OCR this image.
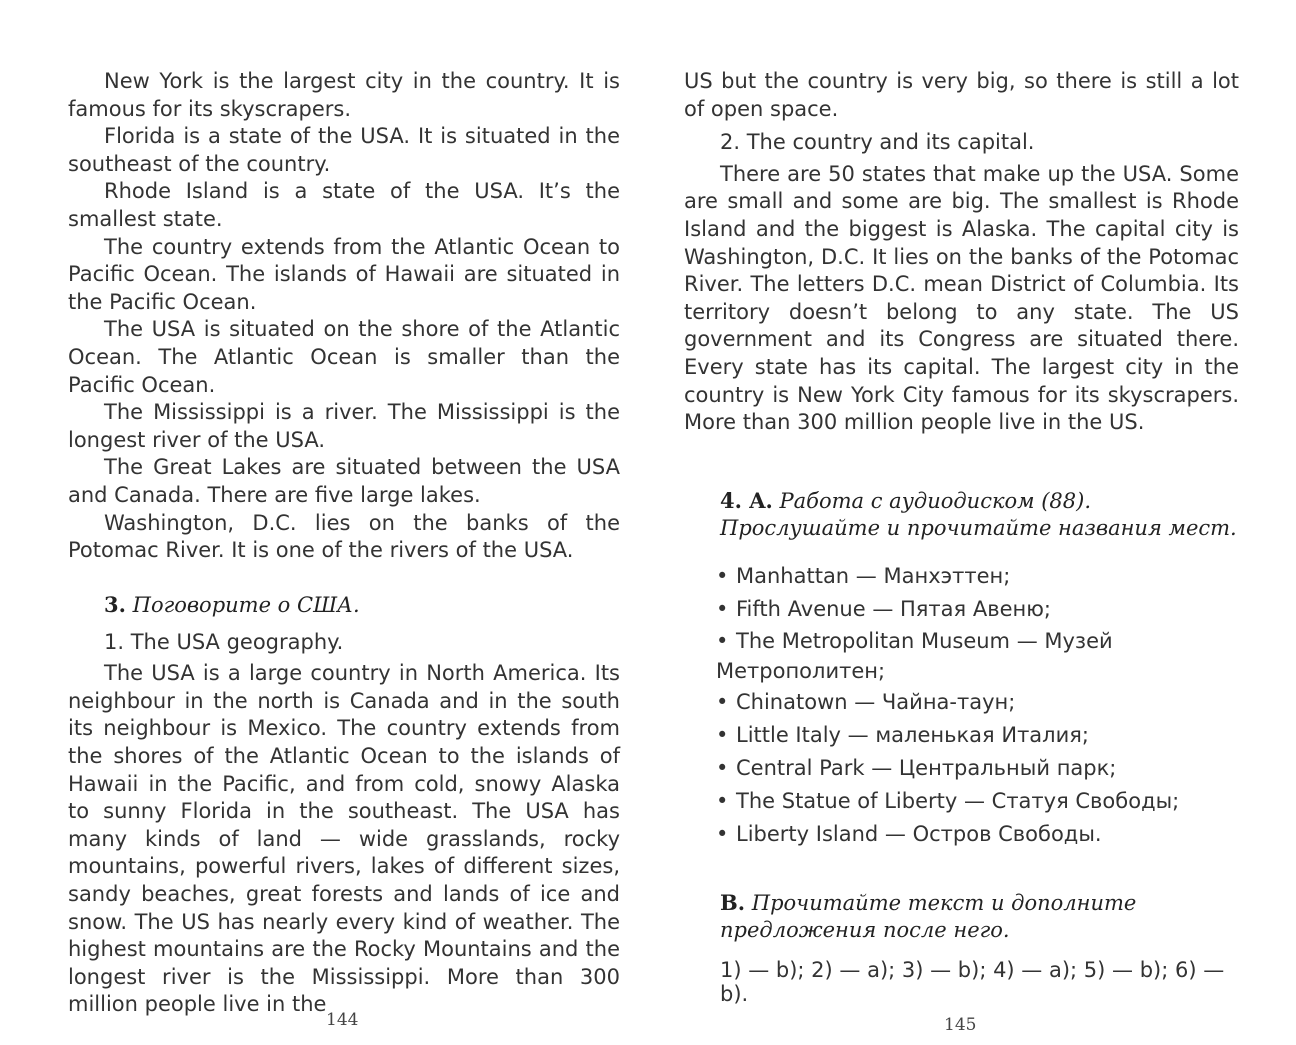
New York is the largest city in the country. It is famous for its skyscrapers.

Florida is a state of the USA. It is situated in the southeast of the country.

Rhode Island is a state of the USA. It’s the smallest state.

The country extends from the Atlantic Ocean to Pacific Ocean. The islands of Hawaii are situated in the Pacific Ocean.

The USA is situated on the shore of the Atlantic Ocean. The Atlantic Ocean is smaller than the Pacific Ocean.

The Mississippi is a river. The Mississippi is the longest river of the USA.

The Great Lakes are situated between the USA and Canada. There are five large lakes.

Washington, D.C. lies on the banks of the Potomac River. It is one of the rivers of the USA.

3. Поговорите о США.

1. The USA geography.

The USA is a large country in North America. Its neighbour in the north is Canada and in the south its neighbour is Mexico. The country extends from the shores of the Atlantic Ocean to the islands of Hawaii in the Pacific, and from cold, snowy Alaska to sunny Florida in the southeast. The USA has many kinds of land — wide grasslands, rocky mountains, powerful rivers, lakes of different sizes, sandy beaches, great forests and lands of ice and snow. The US has nearly every kind of weather. The highest mountains are the Rocky Mountains and the longest river is the Mississippi. More than 300 million people live in the

US but the country is very big, so there is still a lot of open space.

2. The country and its capital.

There are 50 states that make up the USA. Some are small and some are big. The smallest is Rhode Island and the biggest is Alaska. The capital city is Washington, D.C. It lies on the banks of the Potomac River. The letters D.C. mean District of Columbia. Its territory doesn’t belong to any state. The US government and its Congress are situated there. Every state has its capital. The largest city in the country is New York City famous for its skyscrapers. More than 300 million people live in the US.

4. A. Работа с аудиодиском (88). Прослушайте и прочитайте названия мест.
• Manhattan — Манхэттен;
• Fifth Avenue — Пятая Авеню;
• The Metropolitan Museum — Музей Метрополитен;
• Chinatown — Чайна-таун;
• Little Italy — маленькая Италия;
• Central Park — Центральный парк;
• The Statue of Liberty — Статуя Свободы;
• Liberty Island — Остров Свободы.
B. Прочитайте текст и дополните предложения после него.

1) — b); 2) — a); 3) — b); 4) — a); 5) — b); 6) — b).

144	145
